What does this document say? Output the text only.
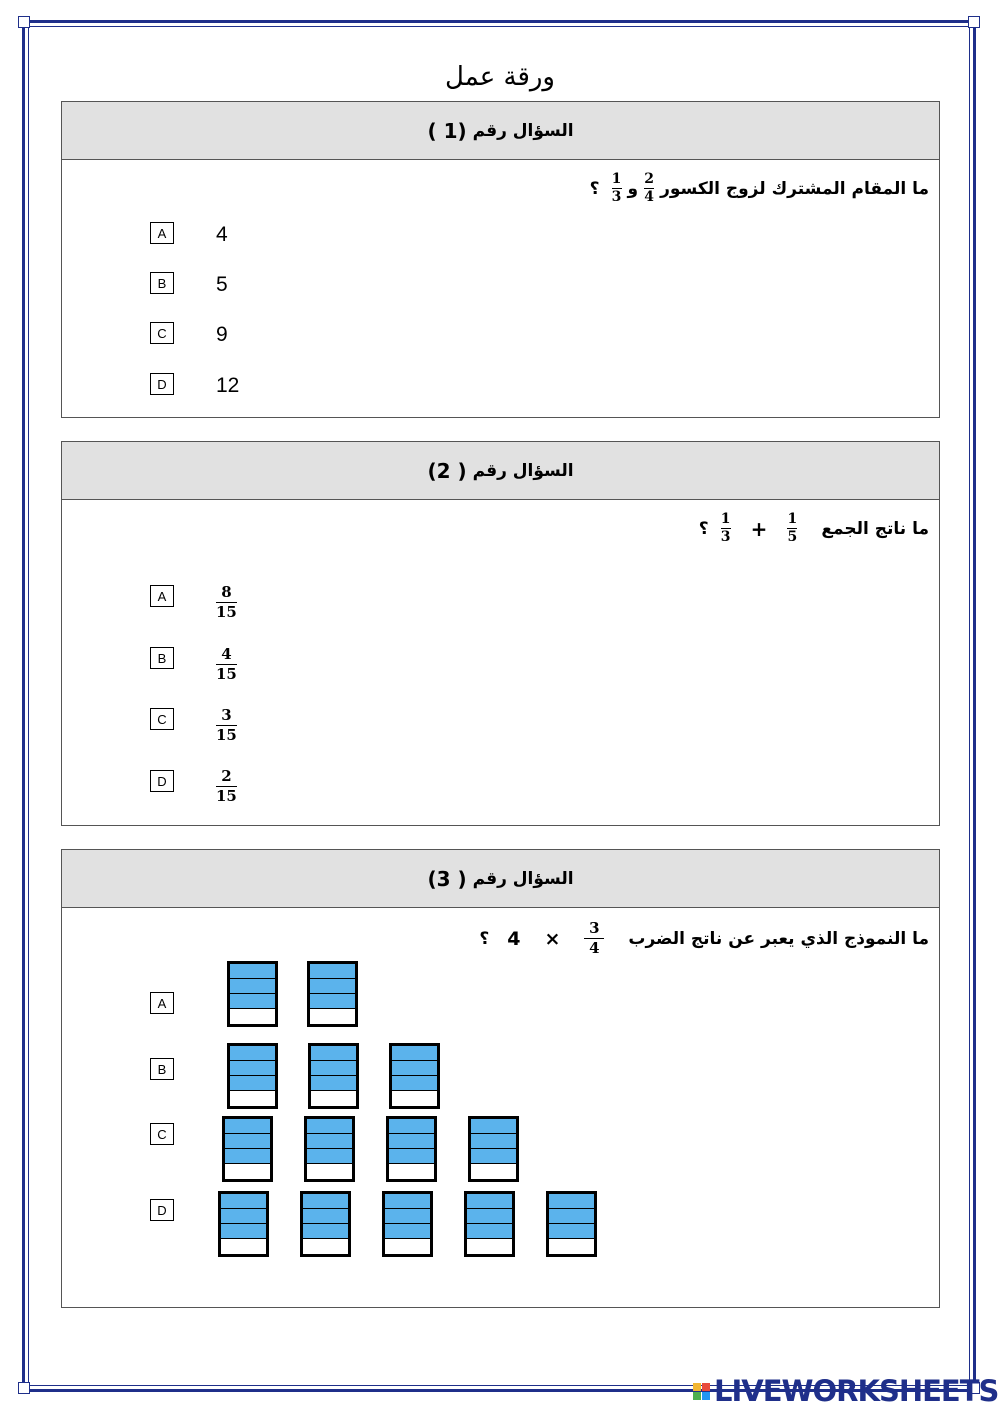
ورقة عمل
السؤال رقم
(1 )
ما المقام المشترك لزوج الكسور
$\frac{2}{4}$
و
$\frac{1}{3}$
؟
A	4
B	5
C	9
D	12
السؤال رقم
( 2)
ما ناتج الجمع
$\frac{1}{5}$
+
$\frac{1}{3}$
؟
A	8
15
B	4
15
C	3
15
D	2
15
السؤال رقم
( 3)
ما النموذج الذي يعبر عن ناتج الضرب
$\frac{3}{4}$
×
4
؟
A
B
C
D
LIVEWORKSHEETS
